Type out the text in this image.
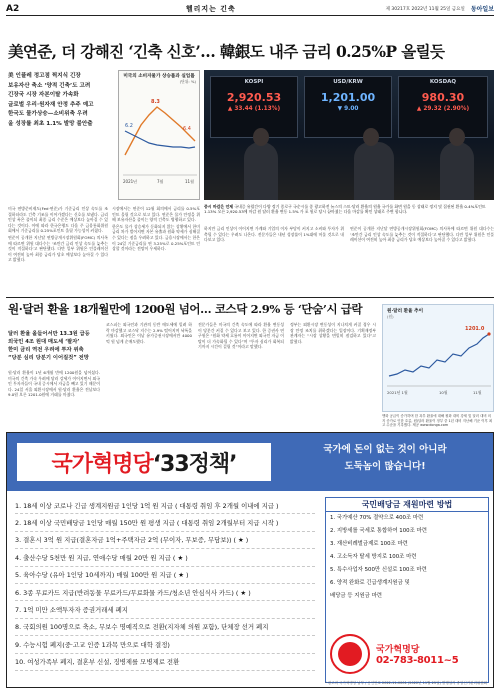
A2	헬리지는 긴축	제 30217호 2022년 11월 25일 금요일 동아일보
美연준, 더 강해진 ‘긴축 신호’… 韓銀도 내주 금리 0.25%P 올릴듯
美 인플레 정고점 찍지식 긴장
보유자산 축소 ‘양적 긴축’도 고려
긴장국 시장 자본이탈 가속화
글로벌 우리·원자재 안정 추주 예고
한국도 물가상승—소비위축 우려
올 성장률 최초 1.1% 발망 불안출
미국의 소비자물가 상승률과 실업률
(단위: %)
8.3
6.2	6.4
2021년	7월	11월
KOSPI
2,920.53
▲ 33.44 (1.13%)
USD/KRW
1,201.00
▼ 9.00
KOSDAQ
980.30
▲ 29.32 (2.90%)
증시 마감은 언제 국내증 유럽간이 다양 정기 종로구 국순시를 종 광고하전 뉴스의 스트·달러 환율의 원율 국가를 화면 원을 동 상태로 정지 및 집권된 환율 0.4%포인트 1.13% 오른 2,920.53에 마감 원 달러 환율 변동 1.5% 가 포 원로 당시 끝마쳤는 다음 마감를 확인 상태로 주변 합니다.

미국 연방준비제도(Fed·연준)가 기준금리 인상 속도를 조절하더라도 긴축 기조를 이어가겠다는 신호를 보냈다. 금리 인상 폭은 줄이되 최종 금리 수준은 예상보다 높아질 수 있다는 것이다. 이에 따라 한국은행도 다음 주 금융통화위원회에서 기준금리를 0.25%포인트 올릴 가능성이 커졌다.

연준이 공개한 지난달 연방공개시장위원회(FOMC) 의사록에 따르면 위원 대다수는 ‘조만간 금리 인상 속도를 늦추는 것이 적절하다’고 판단했다. 다만 일부 위원은 인플레이션이 여전히 높아 최종 금리가 당초 예상보다 높아질 수 있다고 밝혔다.

시장에서는 연준이 12월 회의에서 금리를 0.5%포인트 올릴 것으로 보고 있다. 연준은 물가 안정을 위해 보유자산을 줄이는 양적 긴축도 병행하고 있다.

한은도 물가 상승세가 둔화되지 않는 상황에서 한미 금리 차가 벌어지면 자본 유출과 원화 약세가 심해질 수 있다는 점을 우려하고 있다. 금융시장에서는 한은이 24일 기준금리를 연 3.25%로 0.25%포인트 인상할 것이라는 전망이 우세하다.

하지만 금리 인상이 이어지면 가계와 기업의 이자 부담이 커지고 소비와 투자가 위축될 수 있다는 우려도 나온다. 전문가들은 내년 성장률이 1%대에 머물 것으로 내다보고 있다.

연준이 공개한 지난달 연방공개시장위원회(FOMC) 의사록에 따르면 위원 대다수는 ‘조만간 금리 인상 속도를 늦추는 것이 적절하다’고 판단했다. 다만 일부 위원은 인플레이션이 여전히 높아 최종 금리가 당초 예상보다 높아질 수 있다고 밝혔다.

원·달러 환율 18개월만에 1200원 넘어… 코스닥 2.9% 등 ‘단숨’시 급락
달러 환율 올들어서만 13.3원 급등
외국인 4조 원대 매도세 ‘팔자’
한미 금리 역전 우려에 투자 위축
“당분 심리 당분기 이어질것” 전망

원·달러 환율이 1년 6개월 만에 1200원을 넘어섰다. 미국의 긴축 가속 우려에 달러 강세가 이어지면서 외국인 투자자들이 국내 증시에서 자금을 빼고 있기 때문이다. 24일 서울 외환시장에서 원·달러 환율은 전날보다 9.0원 오른 1201.0원에 거래를 마쳤다.

코스피는 외국인과 기관의 동반 매도세에 밀려 하락 마감했고 코스닥 지수는 2.9% 떨어지며 낙폭을 키웠다. 외국인은 이날 유가증권시장에서만 4000억 원 넘게 순매도했다.

전문가들은 미국의 긴축 속도에 따라 환율 변동성이 당분간 커질 수 있다고 보고 있다. 한 증권사 연구원은 “원화 약세 흐름이 이어지면 외국인 자금 이탈이 더 가속화될 수 있다”며 “투자 심리가 회복되기까지 시간이 걸릴 것”이라고 말했다.

정부는 외환시장 변동성이 지나치게 커질 경우 시장 안정 조치를 취하겠다는 입장이다. 기획재정부 관계자는 “시장 상황을 면밀히 점검하고 있다”고 밝혔다.

원·달러 환율 추이
(원)
1201.0
2021년 1월	10월	11월
엔화 공급이 증가하며 한 과부 환율에 대해 원화 대비 강세 및 달러 대비 의지 증가로 인한 흐름, 원/달러 환율이 정부 중 1년 대비 지난해 기준 이후 최고 수준을 기록했다. 제공 www.donga.com
국가혁명당 ‘33정책’
국가에 돈이 없는 것이 아니라
도둑놈이 많습니다!
1. 18세 이상 코로나 긴급 생계지원금 1인당 1억 원 지급 ( 대통령 취임 후 2개월 이내에 지급 )
2. 18세 이상 국민배당금 1인당 매월 150만 원 평생 지급 ( 대통령 취임 2개월부터 지급 시작 )
3. 결혼시 3억 원 지급(결혼자금 1억+주택자금 2억 (무이자, 무보증, 무담보)) ( ★ )
4. 출산수당 5천만 원 지급, 연애수당 매월 20만 원 지급 ( ★ )
5. 육아수당 (유아 1인당 10세까지) 매월 100만 원 지급 ( ★ )
6. 3종 무료카드 지급(반려동물 무료카드/무료화물 카드/청소년 안심식사 카드) ( ★ )
7. 1억 미만 소액투자자 증권거래세 폐지
8. 국회의원 100명으로 축소, 무보수 명예직으로 전환(지자체 의원 포함), 단체장 선거 폐지
9. 수능시험 폐지(중·고교 인증 1과목 만으로 대학 결정)
10. 여성가족부 폐지, 결혼부 신설, 징병제를 모병제로 전환
국민배당금 재원마련 방법
1. 국가예산 70% 절약으로 400조 마련
2. 지방세를 국세로 통합하여 100조 마련
3. 재산비례벌금제로 100조 마련
4. 고소득자 탈세 방지로 100조 마련
5. 특수사업자 500만 신설로 100조 마련
6. 양적 완화로 긴급생계지원금 및
배당금 등 지원금 마련
국가혁명당
02-783-8011~5
* 광고비 국가혁명당 납부 / 승인번호 2022-11-0001 (2022년 11월 25일) 발행일자 중앙선거관리위원회
